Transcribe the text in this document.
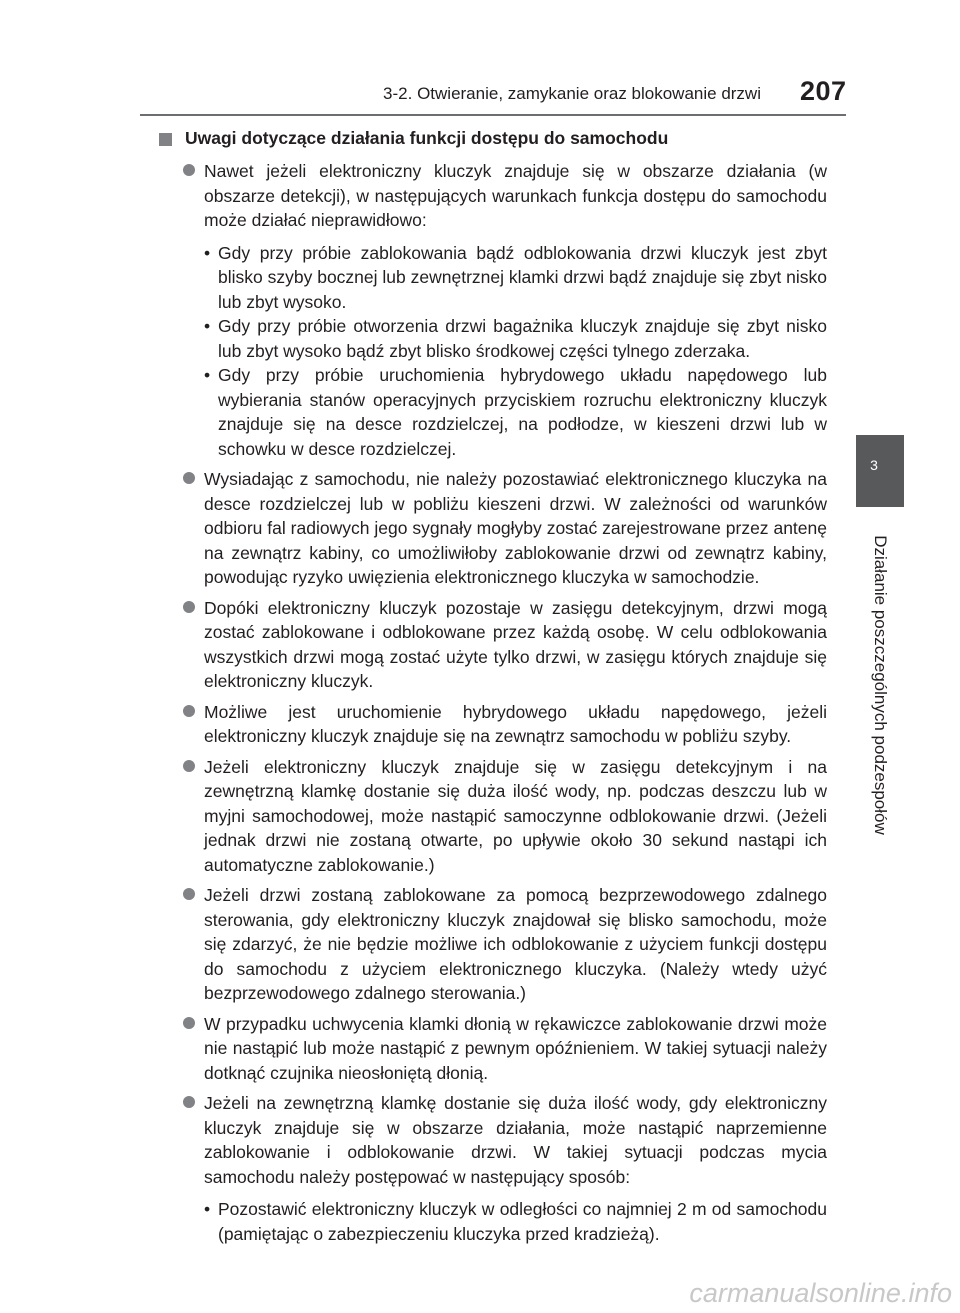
3-2. Otwieranie, zamykanie oraz blokowanie drzwi 207
3
Działanie poszczególnych podzespołów
Uwagi dotyczące działania funkcji dostępu do samochodu
Nawet jeżeli elektroniczny kluczyk znajduje się w obszarze działania (w obszarze detekcji), w następujących warunkach funkcja dostępu do samochodu może działać nieprawidłowo:
• Gdy przy próbie zablokowania bądź odblokowania drzwi kluczyk jest zbyt blisko szyby bocznej lub zewnętrznej klamki drzwi bądź znajduje się zbyt nisko lub zbyt wysoko.
• Gdy przy próbie otworzenia drzwi bagażnika kluczyk znajduje się zbyt nisko lub zbyt wysoko bądź zbyt blisko środkowej części tylnego zderzaka.
• Gdy przy próbie uruchomienia hybrydowego układu napędowego lub wybierania stanów operacyjnych przyciskiem rozruchu elektroniczny kluczyk znajduje się na desce rozdzielczej, na podłodze, w kieszeni drzwi lub w schowku w desce rozdzielczej.
Wysiadając z samochodu, nie należy pozostawiać elektronicznego kluczyka na desce rozdzielczej lub w pobliżu kieszeni drzwi. W zależności od warunków odbioru fal radiowych jego sygnały mogłyby zostać zarejestrowane przez antenę na zewnątrz kabiny, co umożliwiłoby zablokowanie drzwi od zewnątrz kabiny, powodując ryzyko uwięzienia elektronicznego kluczyka w samochodzie.
Dopóki elektroniczny kluczyk pozostaje w zasięgu detekcyjnym, drzwi mogą zostać zablokowane i odblokowane przez każdą osobę. W celu odblokowania wszystkich drzwi mogą zostać użyte tylko drzwi, w zasięgu których znajduje się elektroniczny kluczyk.
Możliwe jest uruchomienie hybrydowego układu napędowego, jeżeli elektroniczny kluczyk znajduje się na zewnątrz samochodu w pobliżu szyby.
Jeżeli elektroniczny kluczyk znajduje się w zasięgu detekcyjnym i na zewnętrzną klamkę dostanie się duża ilość wody, np. podczas deszczu lub w myjni samochodowej, może nastąpić samoczynne odblokowanie drzwi. (Jeżeli jednak drzwi nie zostaną otwarte, po upływie około 30 sekund nastąpi ich automatyczne zablokowanie.)
Jeżeli drzwi zostaną zablokowane za pomocą bezprzewodowego zdalnego sterowania, gdy elektroniczny kluczyk znajdował się blisko samochodu, może się zdarzyć, że nie będzie możliwe ich odblokowanie z użyciem funkcji dostępu do samochodu z użyciem elektronicznego kluczyka. (Należy wtedy użyć bezprzewodowego zdalnego sterowania.)
W przypadku uchwycenia klamki dłonią w rękawiczce zablokowanie drzwi może nie nastąpić lub może nastąpić z pewnym opóźnieniem. W takiej sytuacji należy dotknąć czujnika nieosłoniętą dłonią.
Jeżeli na zewnętrzną klamkę dostanie się duża ilość wody, gdy elektroniczny kluczyk znajduje się w obszarze działania, może nastąpić naprzemienne zablokowanie i odblokowanie drzwi. W takiej sytuacji podczas mycia samochodu należy postępować w następujący sposób:
• Pozostawić elektroniczny kluczyk w odległości co najmniej 2 m od samochodu (pamiętając o zabezpieczeniu kluczyka przed kradzieżą).
carmanualsonline.info
